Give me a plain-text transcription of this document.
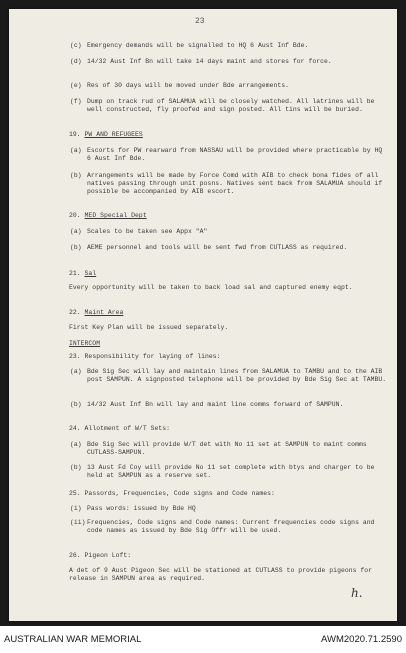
23
(c) Emergency demands will be signalled to HQ 6 Aust Inf Bde.
(d) 14/32 Aust Inf Bn will take 14 days maint and stores for force.
(e) Res of 30 days will be moved under Bde arrangements.
(f) Dump on track rud of SALAMUA will be closely watched. All latrines will be well constructed, fly proofed and sign posted. All tins will be buried.
19. PW AND REFUGEES
(a) Escorts for PW rearward from NASSAU will be provided where practicable by HQ 6 Aust Inf Bde.
(b) Arrangements will be made by Force Comd with AIB to check bona fides of all natives passing through unit posns. Natives sent back from SALAMUA should if possible be accompanied by AIB escort.
20. MED Special Dept
(a) Scales to be taken see Appx "A"
(b) AEME personnel and tools will be sent fwd from CUTLASS as required.
21. Sal
Every opportunity will be taken to back load sal and captured enemy eqpt.
22. Maint Area
First Key Plan will be issued separately.
INTERCOM
23. Responsibility for laying of lines:
(a) Bde Sig Sec will lay and maintain lines from SALAMUA to TAMBU and to the AIB post SAMPUN. A signposted telephone will be provided by Bde Sig Sec at TAMBU.
(b) 14/32 Aust Inf Bn will lay and maint line comms forward of SAMPUN.
24. Allotment of W/T Sets:
(a) Bde Sig Sec will provide W/T det with No 11 set at SAMPUN to maint comms CUTLASS-SAMPUN.
(b) 13 Aust Fd Coy will provide No 11 set complete with btys and charger to be held at SAMPUN as a reserve set.
25. Passords, Frequencies, Code signs and Code names:
(i) Pass words: issued by Bde HQ
(ii) Frequencies, Code signs and Code names: Current frequencies code signs and code names as issued by Bde Sig Offr will be used.
26. Pigeon Loft:
A det of 9 Aust Pigeon Sec will be stationed at CUTLASS to provide pigeons for release in SAMPUN area as required.
h.
AUSTRALIAN WAR MEMORIAL	AWM2020.71.2590
